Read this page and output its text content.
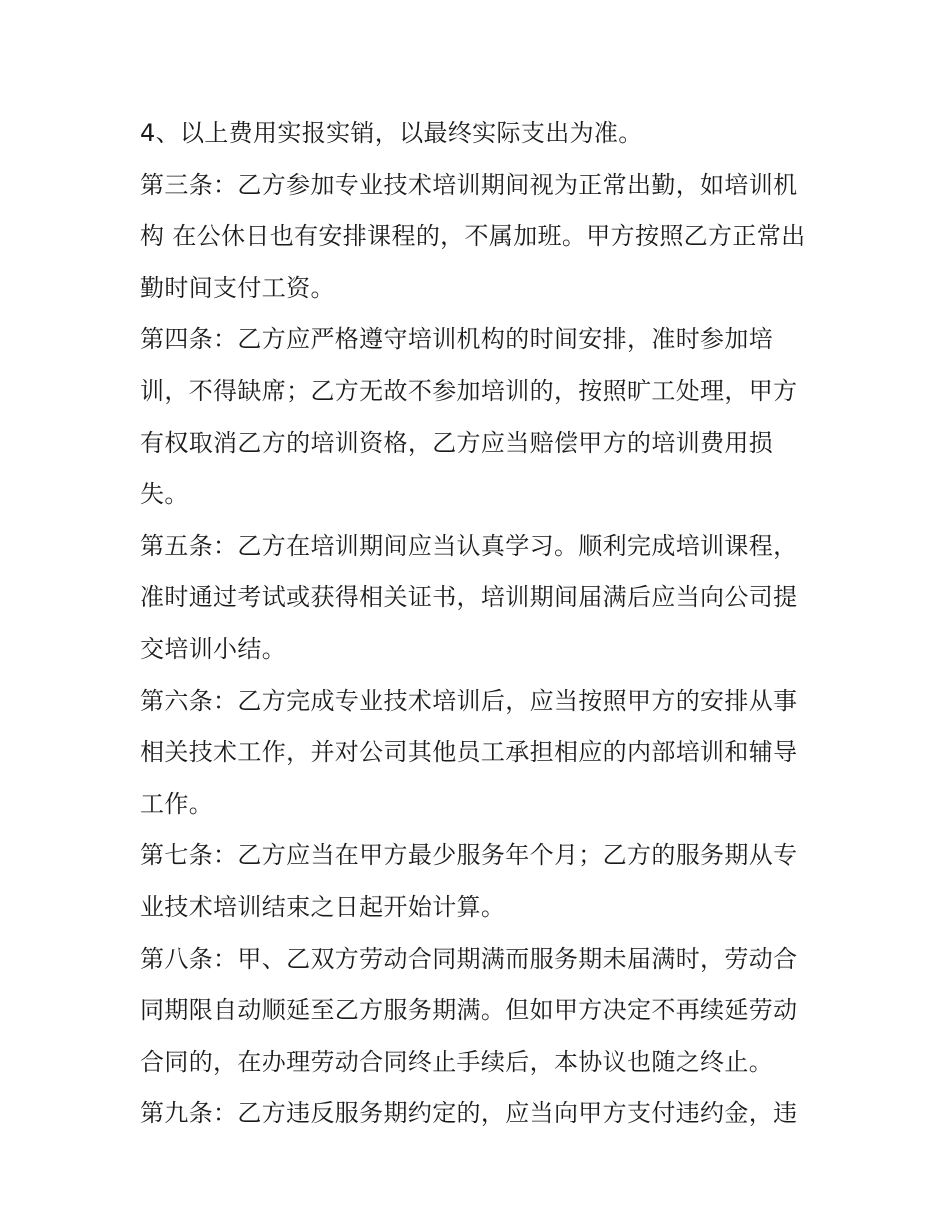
4、以上费用实报实销，以最终实际支出为准。

第三条：乙方参加专业技术培训期间视为正常出勤，如培训机构 在公休日也有安排课程的，不属加班。甲方按照乙方正常出勤时间支付工资。

第四条：乙方应严格遵守培训机构的时间安排，准时参加培训，不得缺席；乙方无故不参加培训的，按照旷工处理，甲方有权取消乙方的培训资格，乙方应当赔偿甲方的培训费用损失。

第五条：乙方在培训期间应当认真学习。顺利完成培训课程，准时通过考试或获得相关证书，培训期间届满后应当向公司提交培训小结。

第六条：乙方完成专业技术培训后，应当按照甲方的安排从事相关技术工作，并对公司其他员工承担相应的内部培训和辅导工作。

第七条：乙方应当在甲方最少服务年个月；乙方的服务期从专业技术培训结束之日起开始计算。

第八条：甲、乙双方劳动合同期满而服务期未届满时，劳动合同期限自动顺延至乙方服务期满。但如甲方决定不再续延劳动合同的，在办理劳动合同终止手续后，本协议也随之终止。

第九条：乙方违反服务期约定的，应当向甲方支付违约金，违
